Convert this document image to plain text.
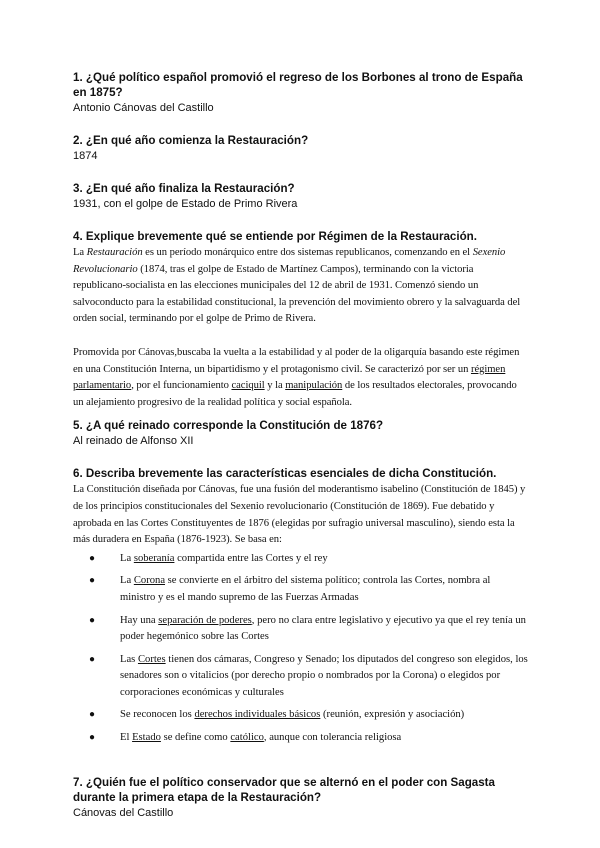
1. ¿Qué político español promovió el regreso de los Borbones al trono de España en 1875?

Antonio Cánovas del Castillo

2. ¿En qué año comienza la Restauración?

1874

3. ¿En qué año finaliza la Restauración?

1931, con el golpe de Estado de Primo Rivera

4. Explique brevemente qué se entiende por Régimen de la Restauración.

La Restauración es un período monárquico entre dos sistemas republicanos, comenzando en el Sexenio Revolucionario (1874, tras el golpe de Estado de Martínez Campos), terminando con la victoria republicano-socialista en las elecciones municipales del 12 de abril de 1931. Comenzó siendo un salvoconducto para la estabilidad constitucional, la prevención del movimiento obrero y la salvaguarda del orden social, terminando por el golpe de Primo de Rivera.

Promovida por Cánovas,buscaba la vuelta a la estabilidad y al poder de la oligarquía basando este régimen en una Constitución Interna, un bipartidismo y el protagonismo civil. Se caracterizó por ser un régimen parlamentario, por el funcionamiento caciquil y la manipulación de los resultados electorales, provocando un alejamiento progresivo de la realidad política y social española.

5. ¿A qué reinado corresponde la Constitución de 1876?

Al reinado de Alfonso XII

6. Describa brevemente las características esenciales de dicha Constitución.

La Constitución diseñada por Cánovas, fue una fusión del moderantismo isabelino (Constitución de 1845) y de los principios constitucionales del Sexenio revolucionario (Constitución de 1869). Fue debatido y aprobada en las Cortes Constituyentes de 1876 (elegidas por sufragio universal masculino), siendo esta la más duradera en España (1876-1923). Se basa en:

● La soberanía compartida entre las Cortes y el rey
● La Corona se convierte en el árbitro del sistema político; controla las Cortes, nombra al ministro y es el mando supremo de las Fuerzas Armadas
● Hay una separación de poderes, pero no clara entre legislativo y ejecutivo ya que el rey tenía un poder hegemónico sobre las Cortes
● Las Cortes tienen dos cámaras, Congreso y Senado; los diputados del congreso son elegidos, los senadores son o vitalicios (por derecho propio o nombrados por la Corona) o elegidos por corporaciones económicas y culturales
● Se reconocen los derechos individuales básicos (reunión, expresión y asociación)
● El Estado se define como católico, aunque con tolerancia religiosa

7. ¿Quién fue el político conservador que se alternó en el poder con Sagasta durante la primera etapa de la Restauración?

Cánovas del Castillo
